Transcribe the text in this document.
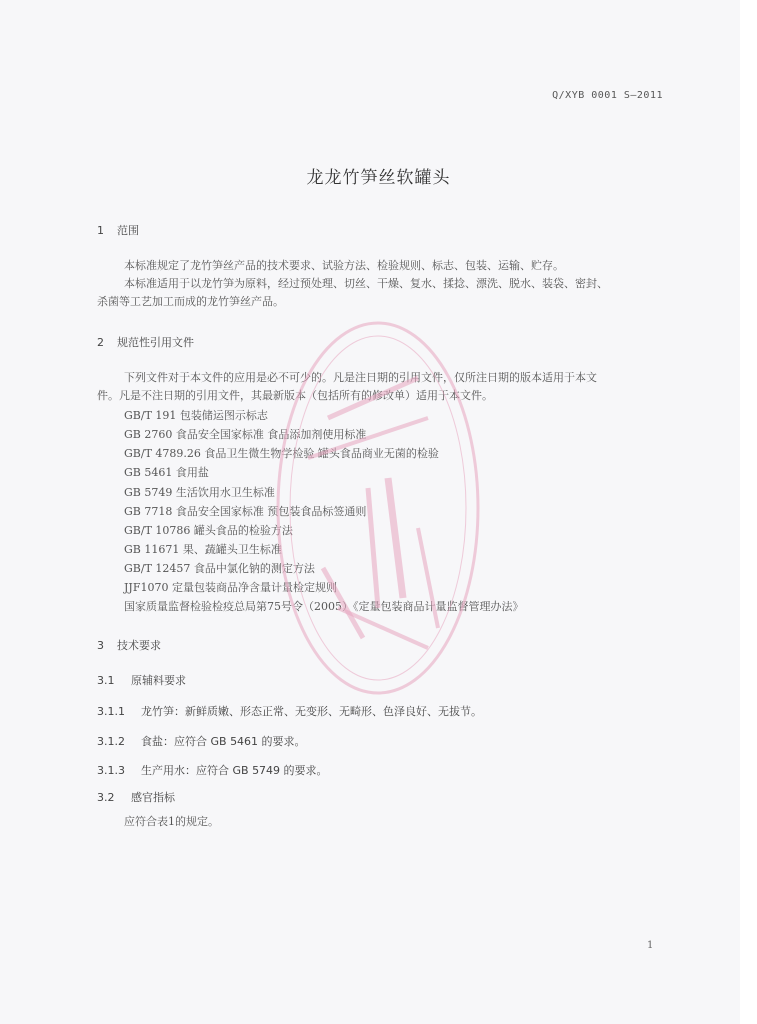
Q/XYB 0001 S—2011
龙龙竹笋丝软罐头
1 范围
本标准规定了龙竹笋丝产品的技术要求、试验方法、检验规则、标志、包装、运输、贮存。
本标准适用于以龙竹笋为原料，经过预处理、切丝、干燥、复水、揉捻、漂洗、脱水、装袋、密封、
杀菌等工艺加工而成的龙竹笋丝产品。
2 规范性引用文件
下列文件对于本文件的应用是必不可少的。凡是注日期的引用文件，仅所注日期的版本适用于本文
件。凡是不注日期的引用文件，其最新版本（包括所有的修改单）适用于本文件。
GB/T 191 包装储运图示标志
GB 2760 食品安全国家标准 食品添加剂使用标准
GB/T 4789.26 食品卫生微生物学检验 罐头食品商业无菌的检验
GB 5461 食用盐
GB 5749 生活饮用水卫生标准
GB 7718 食品安全国家标准 预包装食品标签通则
GB/T 10786 罐头食品的检验方法
GB 11671 果、蔬罐头卫生标准
GB/T 12457 食品中氯化钠的测定方法
JJF1070 定量包装商品净含量计量检定规则
国家质量监督检验检疫总局第75号令（2005）《定量包装商品计量监督管理办法》
3 技术要求
3.1 原辅料要求
3.1.1 龙竹笋：新鲜质嫩、形态正常、无变形、无畸形、色泽良好、无拔节。
3.1.2 食盐：应符合 GB 5461 的要求。
3.1.3 生产用水：应符合 GB 5749 的要求。
3.2 感官指标
应符合表1的规定。
1
